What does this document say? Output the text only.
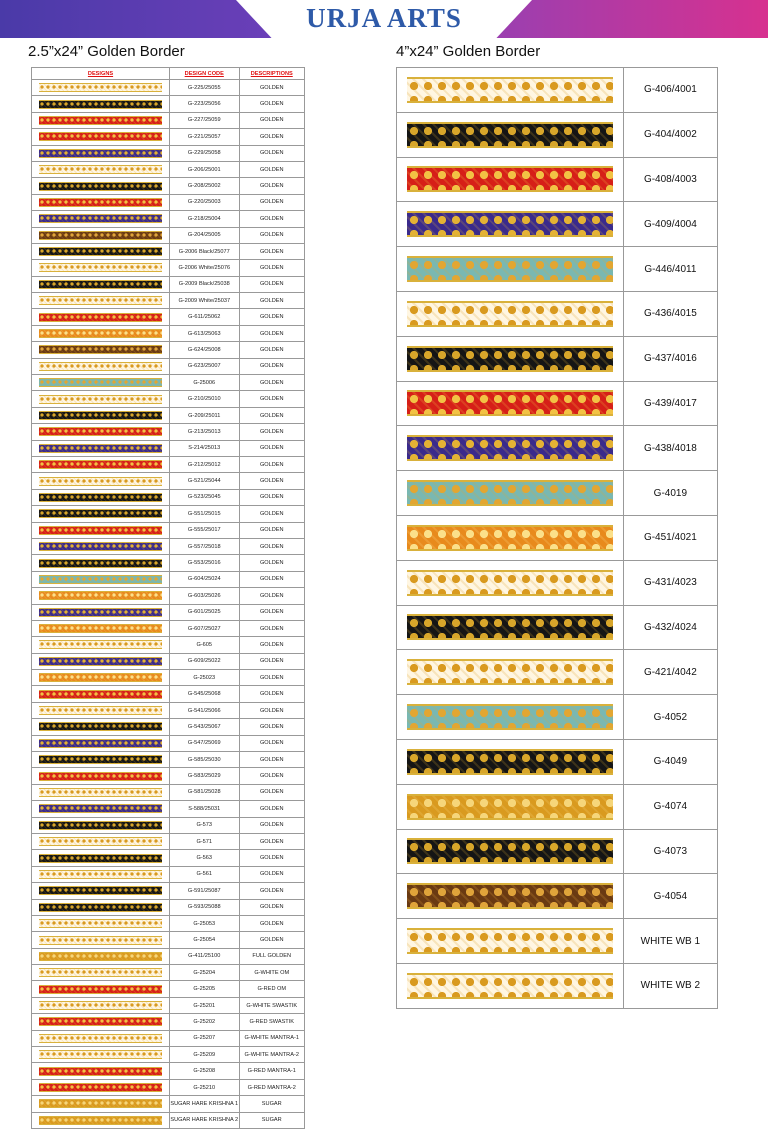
URJA ARTS
2.5”x24” Golden Border	4”x24” Golden Border
DESIGNS	DESIGN CODE	DESCRIPTIONS

	G-225/25055	GOLDEN

	G-223/25056	GOLDEN

	G-227/25059	GOLDEN

	G-221/25057	GOLDEN

	G-229/25058	GOLDEN

	G-206/25001	GOLDEN

	G-208/25002	GOLDEN

	G-220/25003	GOLDEN

	G-218/25004	GOLDEN

	G-204/25005	GOLDEN

	G-2006 Black/25077	GOLDEN

	G-2006 White/25076	GOLDEN

	G-2009 Black/25038	GOLDEN

	G-2009 White/25037	GOLDEN

	G-611/25062	GOLDEN

	G-613/25063	GOLDEN

	G-624/25008	GOLDEN

	G-623/25007	GOLDEN

	G-25006	GOLDEN

	G-210/25010	GOLDEN

	G-209/25011	GOLDEN

	G-213/25013	GOLDEN

	S-214/25013	GOLDEN

	G-212/25012	GOLDEN

	G-521/25044	GOLDEN

	G-523/25045	GOLDEN

	G-551/25015	GOLDEN

	G-555/25017	GOLDEN

	G-557/25018	GOLDEN

	G-553/25016	GOLDEN

	G-604/25024	GOLDEN

	G-603/25026	GOLDEN

	G-601/25025	GOLDEN

	G-607/25027	GOLDEN

	G-605	GOLDEN

	G-609/25022	GOLDEN

	G-25023	GOLDEN

	G-545/25068	GOLDEN

	G-541/25066	GOLDEN

	G-543/25067	GOLDEN

	G-547/25069	GOLDEN

	G-585/25030	GOLDEN

	G-583/25029	GOLDEN

	G-581/25028	GOLDEN

	S-588/25031	GOLDEN

	G-573	GOLDEN

	G-571	GOLDEN

	G-563	GOLDEN

	G-561	GOLDEN

	G-591/25087	GOLDEN

	G-593/25088	GOLDEN

	G-25053	GOLDEN

	G-25054	GOLDEN

	G-411/25100	FULL GOLDEN

	G-25204	G-WHITE OM

	G-25205	G-RED OM

	G-25201	G-WHITE SWASTIK

	G-25202	G-RED SWASTIK

	G-25207	G-WHITE MANTRA-1

	G-25209	G-WHITE MANTRA-2

	G-25208	G-RED MANTRA-1

	G-25210	G-RED MANTRA-2

	SUGAR HARE KRISHNA 1	SUGAR

	SUGAR HARE KRISHNA 2	SUGAR
	G-406/4001

	G-404/4002

	G-408/4003

	G-409/4004

	G-446/4011

	G-436/4015

	G-437/4016

	G-439/4017

	G-438/4018

	G-4019

	G-451/4021

	G-431/4023

	G-432/4024

	G-421/4042

	G-4052

	G-4049

	G-4074

	G-4073

	G-4054

	WHITE WB 1

	WHITE WB 2
